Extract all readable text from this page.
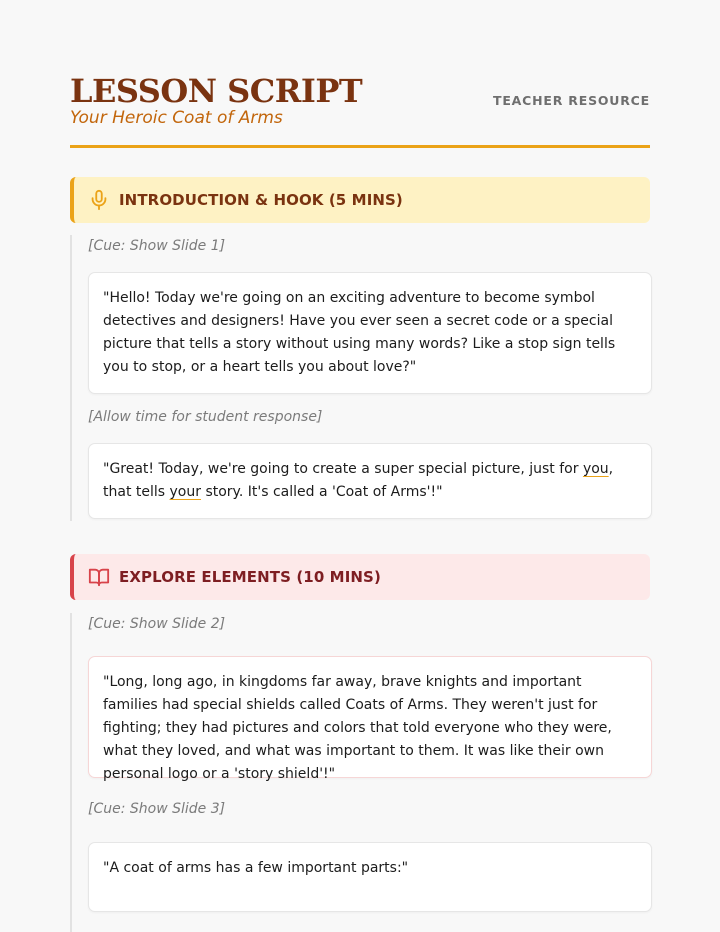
LESSON SCRIPT
Your Heroic Coat of Arms
TEACHER RESOURCE
INTRODUCTION & HOOK (5 MINS)
[Cue: Show Slide 1]
"Hello! Today we're going on an exciting adventure to become symbol detectives and designers! Have you ever seen a secret code or a special picture that tells a story without using many words? Like a stop sign tells you to stop, or a heart tells you about love?"
[Allow time for student response]
"Great! Today, we're going to create a super special picture, just for you, that tells your story. It's called a 'Coat of Arms'!"
EXPLORE ELEMENTS (10 MINS)
[Cue: Show Slide 2]
"Long, long ago, in kingdoms far away, brave knights and important families had special shields called Coats of Arms. They weren't just for fighting; they had pictures and colors that told everyone who they were, what they loved, and what was important to them. It was like their own personal logo or a 'story shield'!"
[Cue: Show Slide 3]
"A coat of arms has a few important parts:"
